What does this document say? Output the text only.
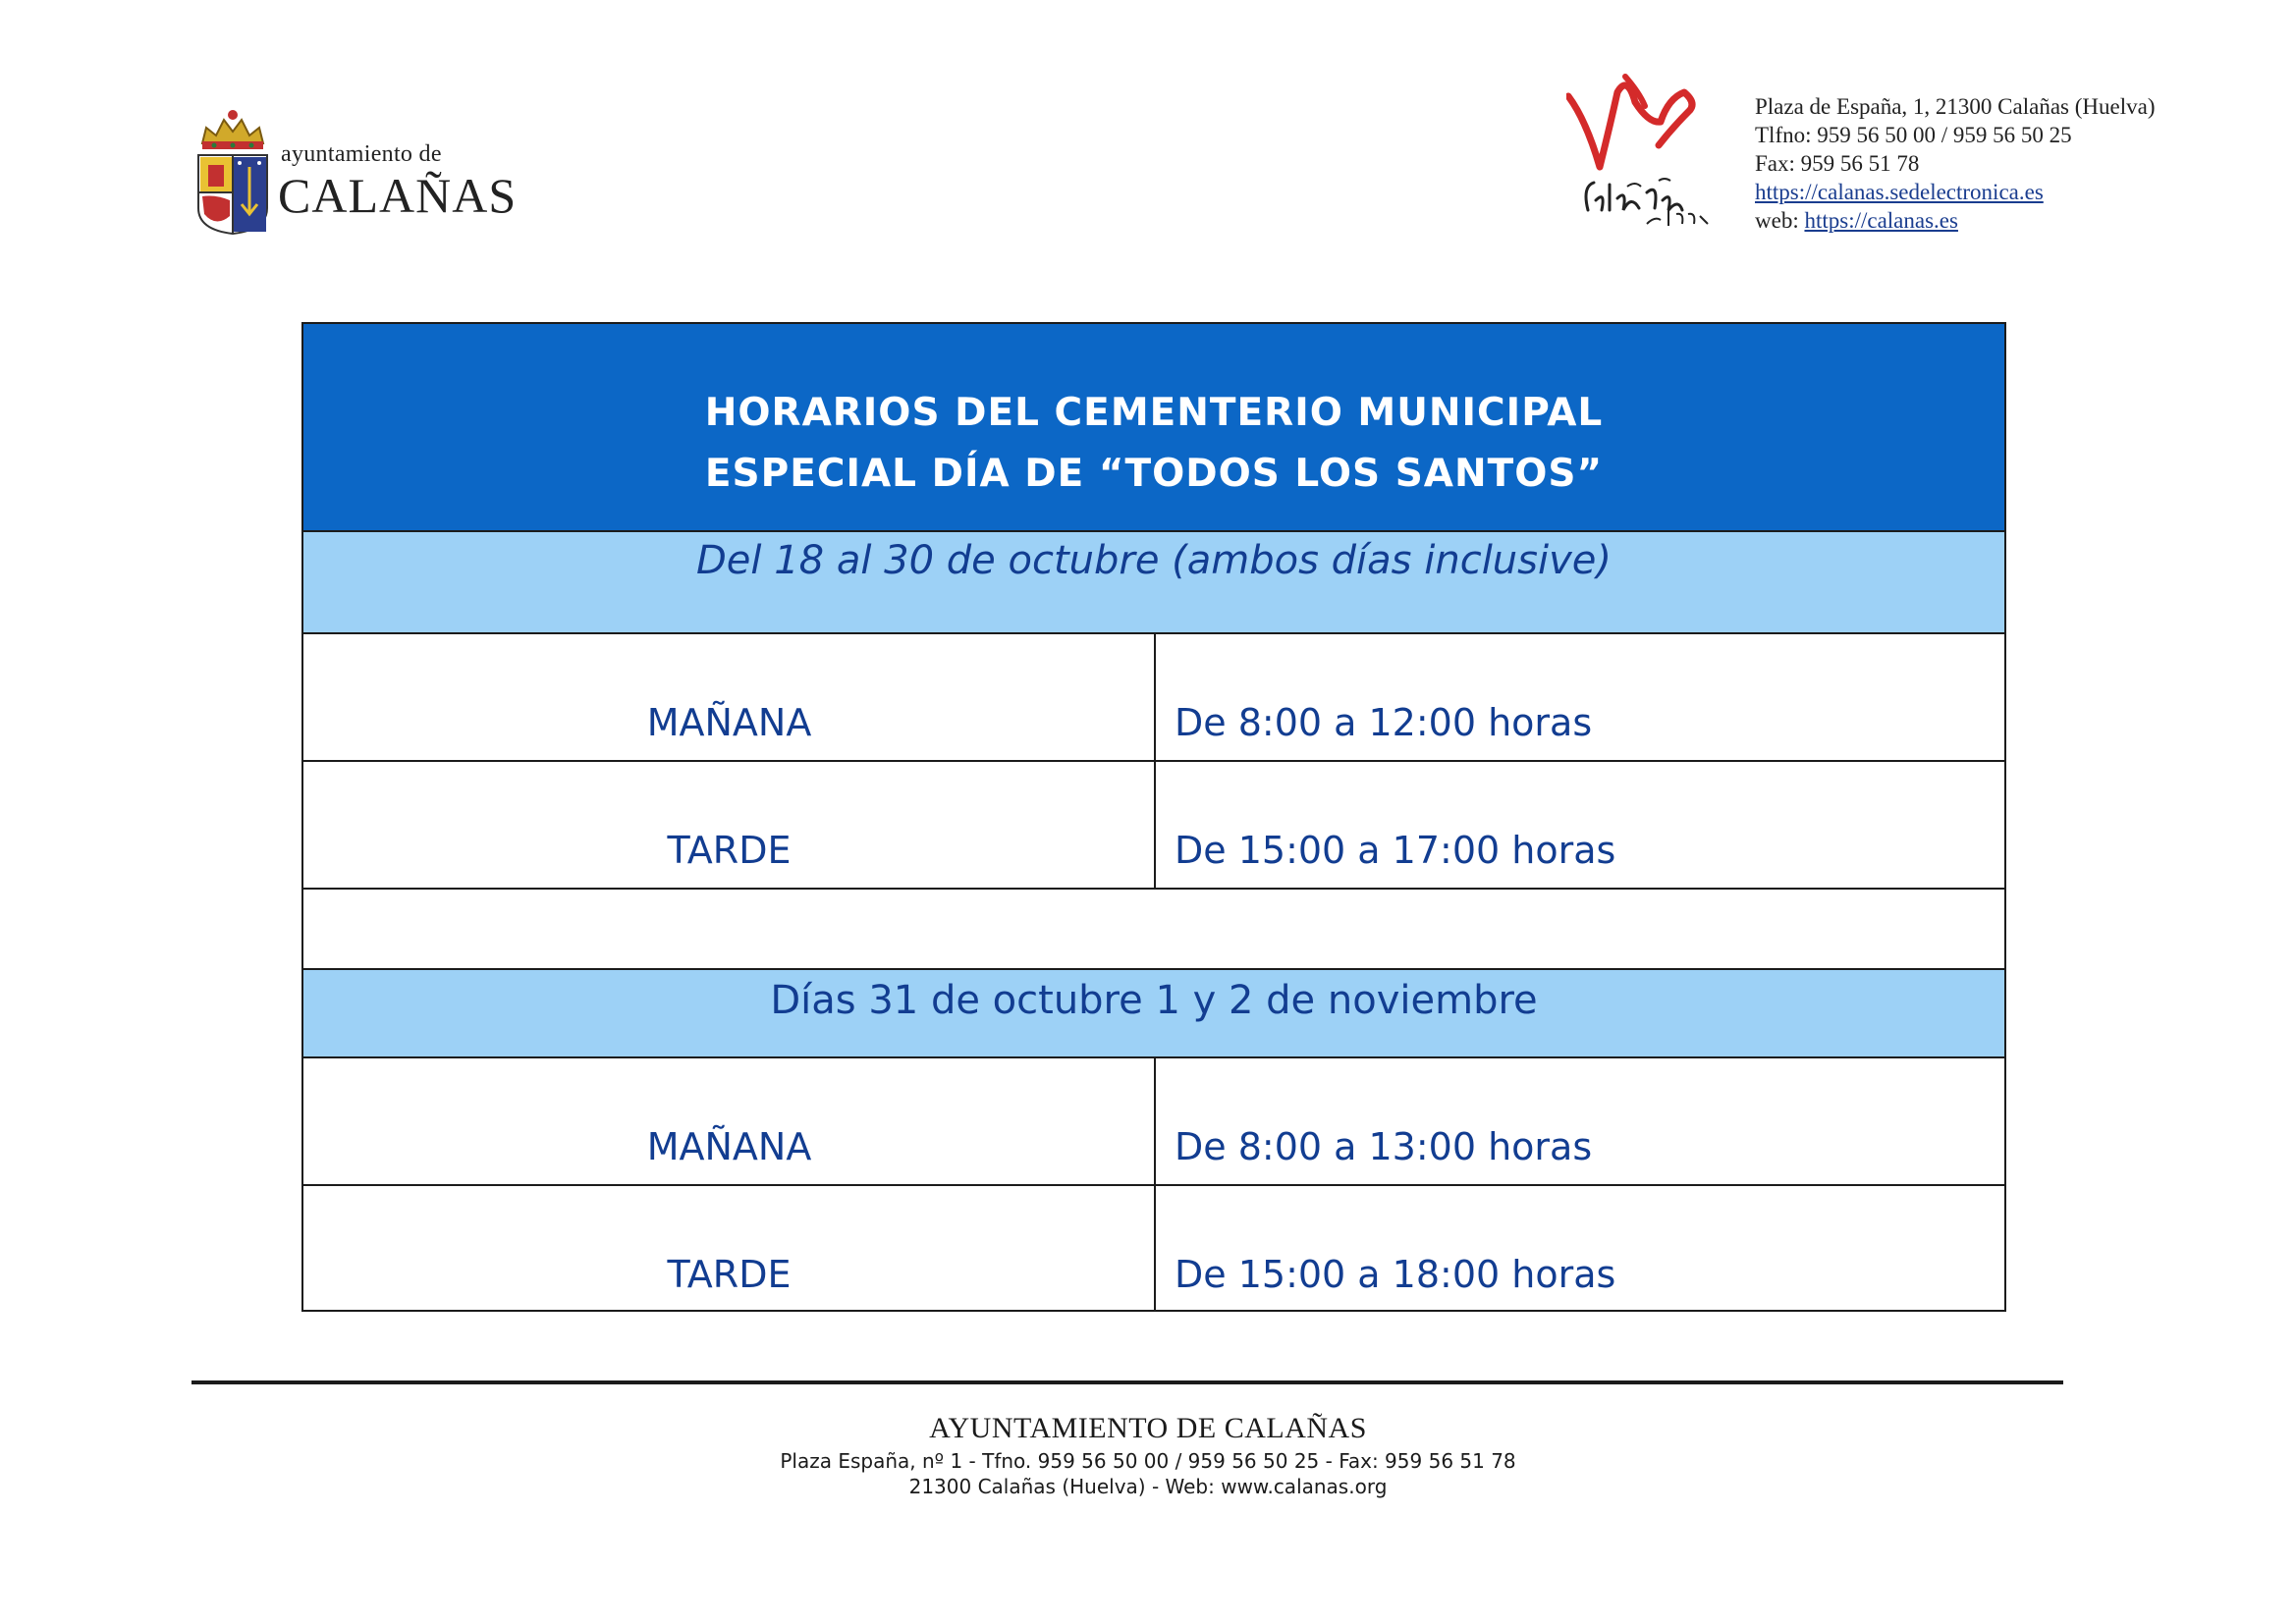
ayuntamiento de
CALAÑAS
Plaza de España, 1, 21300 Calañas (Huelva)
Tlfno: 959 56 50 00 / 959 56 50 25
Fax: 959 56 51 78
https://calanas.sedelectronica.es
web: https://calanas.es
HORARIOS DEL CEMENTERIO MUNICIPAL
ESPECIAL DÍA DE “TODOS LOS SANTOS”
Del 18 al 30 de octubre (ambos días inclusive)
MAÑANA	De 8:00 a 12:00 horas
TARDE	De 15:00 a 17:00 horas
Días 31 de octubre 1 y 2 de noviembre
MAÑANA	De 8:00 a 13:00 horas
TARDE	De 15:00 a 18:00 horas
AYUNTAMIENTO DE CALAÑAS
Plaza España, nº 1 - Tfno. 959 56 50 00 / 959 56 50 25 - Fax: 959 56 51 78
21300 Calañas (Huelva) - Web: www.calanas.org
